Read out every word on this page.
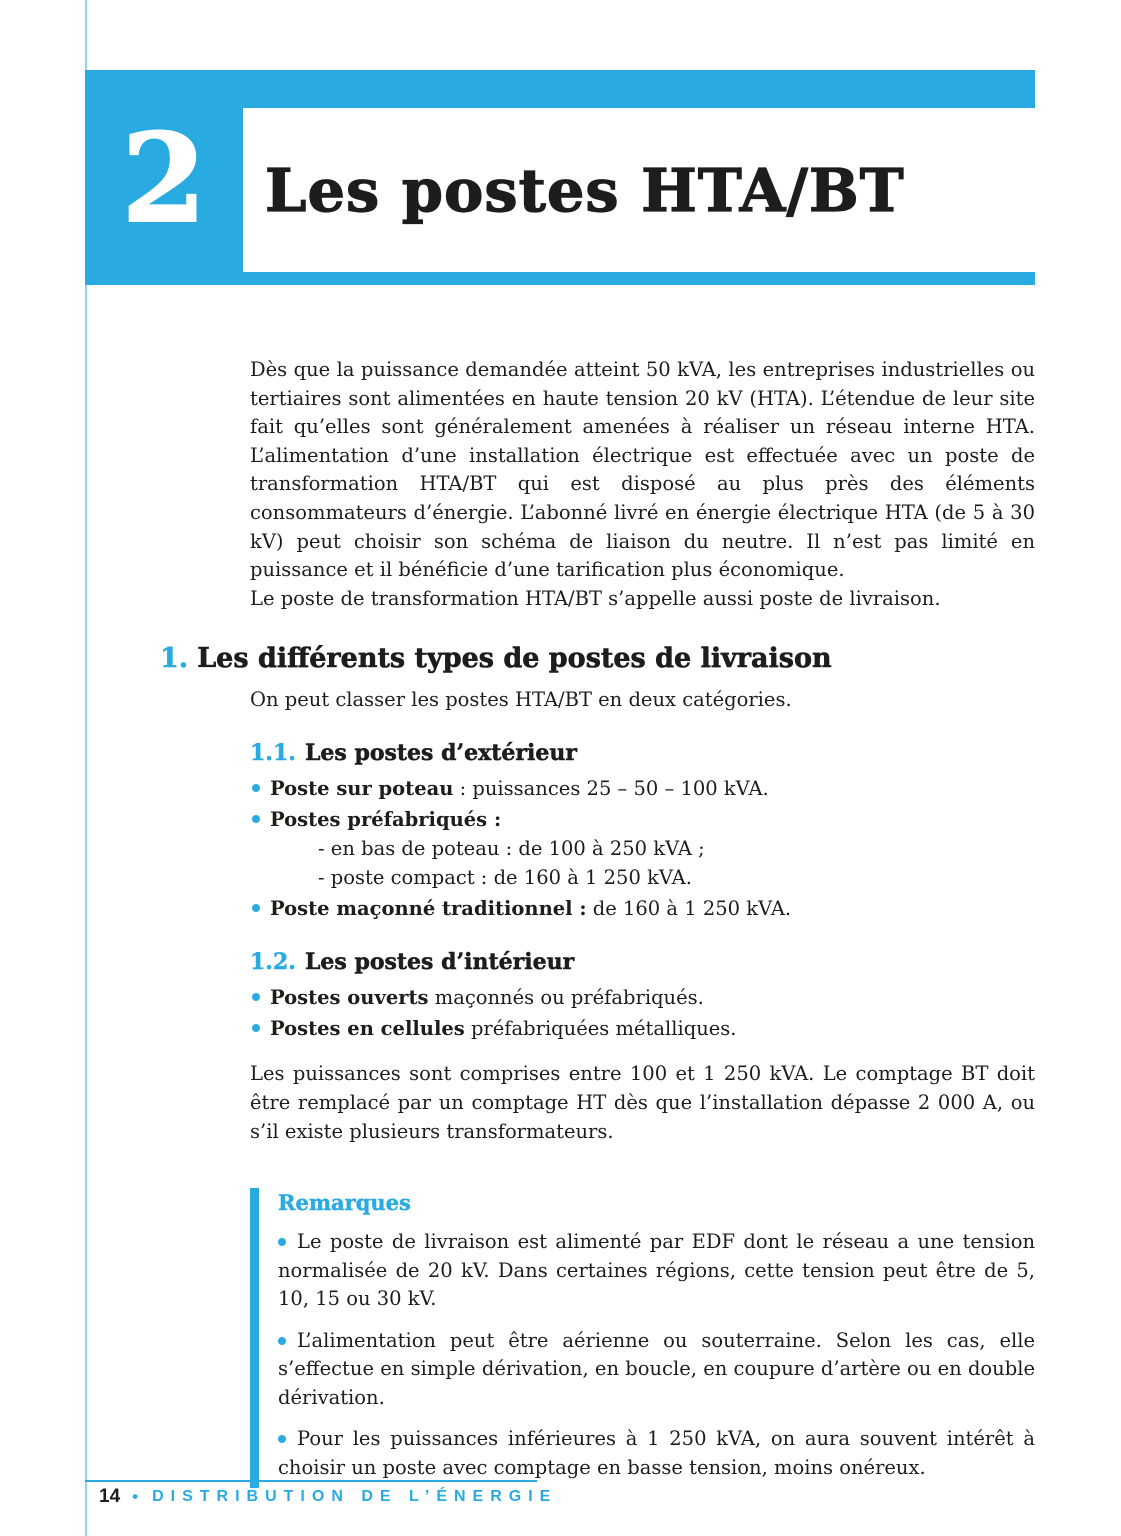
2 Les postes HTA/BT

Dès que la puissance demandée atteint 50 kVA, les entreprises industrielles ou tertiaires sont alimentées en haute tension 20 kV (HTA). L’étendue de leur site fait qu’elles sont généralement amenées à réaliser un réseau interne HTA. L’alimentation d’une installation électrique est effectuée avec un poste de transformation HTA/BT qui est disposé au plus près des éléments consommateurs d’énergie. L’abonné livré en énergie électrique HTA (de 5 à 30 kV) peut choisir son schéma de liaison du neutre. Il n’est pas limité en puissance et il bénéficie d’une tarification plus économique.

Le poste de transformation HTA/BT s’appelle aussi poste de livraison.

1. Les différents types de postes de livraison
On peut classer les postes HTA/BT en deux catégories.
1.1. Les postes d’extérieur
Poste sur poteau : puissances 25 – 50 – 100 kVA.
Postes préfabriqués :
- en bas de poteau : de 100 à 250 kVA ;
- poste compact : de 160 à 1 250 kVA.
Poste maçonné traditionnel : de 160 à 1 250 kVA.
1.2. Les postes d’intérieur
Postes ouverts maçonnés ou préfabriqués.
Postes en cellules préfabriquées métalliques.
Les puissances sont comprises entre 100 et 1 250 kVA. Le comptage BT doit être remplacé par un comptage HT dès que l’installation dépasse 2 000 A, ou s’il existe plusieurs transformateurs.
Remarques
Le poste de livraison est alimenté par EDF dont le réseau a une tension normalisée de 20 kV. Dans certaines régions, cette tension peut être de 5, 10, 15 ou 30 kV.
L’alimentation peut être aérienne ou souterraine. Selon les cas, elle s’effectue en simple dérivation, en boucle, en coupure d’artère ou en double dérivation.
Pour les puissances inférieures à 1 250 kVA, on aura souvent intérêt à choisir un poste avec comptage en basse tension, moins onéreux.
14 • DISTRIBUTION DE L’ÉNERGIE
